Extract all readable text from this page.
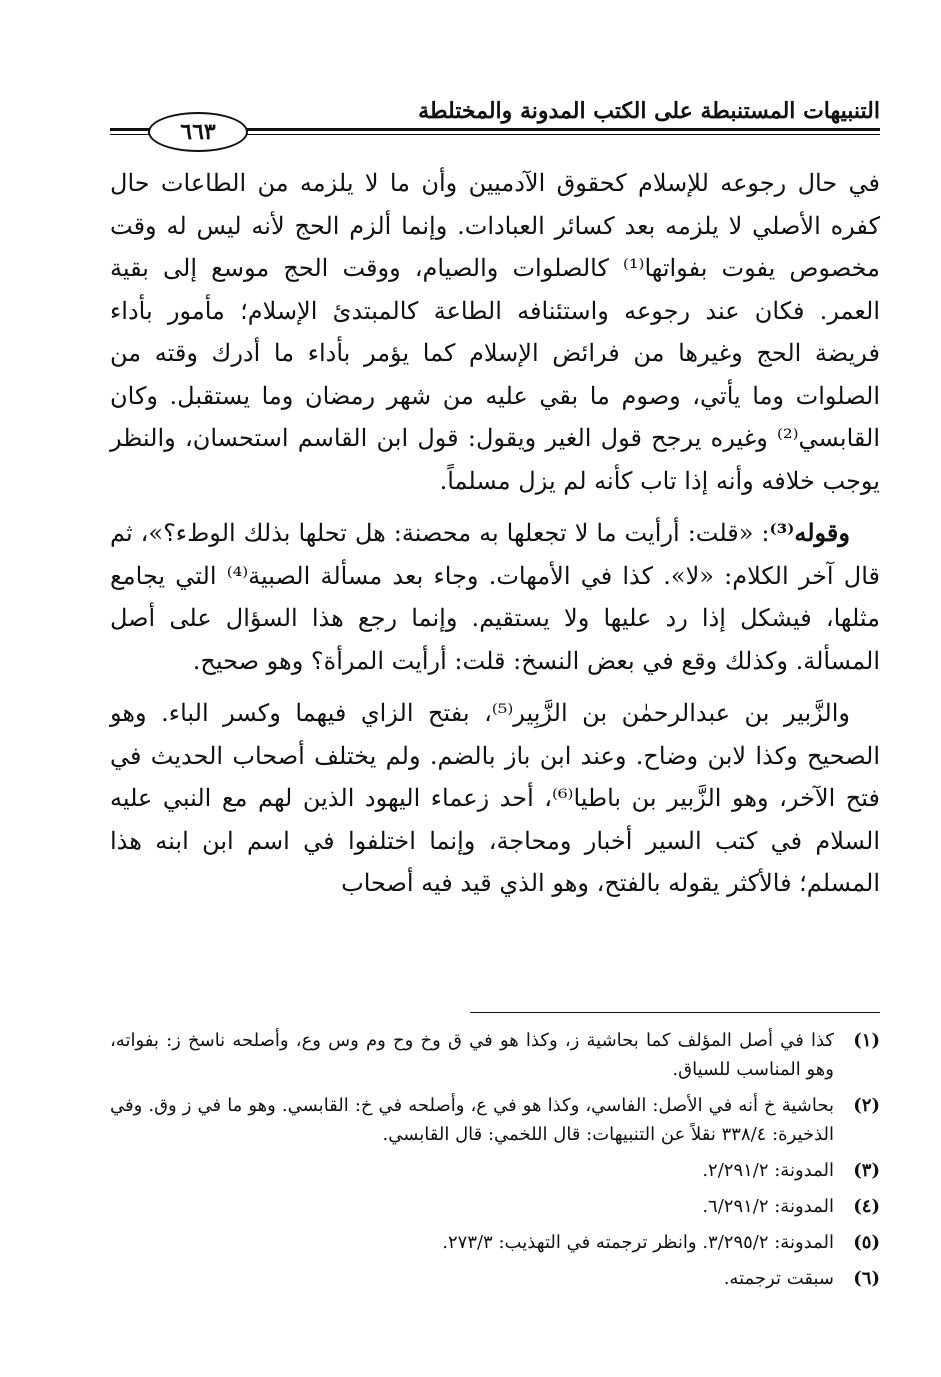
التنبيهات المستنبطة على الكتب المدونة والمختلطة
٦٦٣

في حال رجوعه للإسلام كحقوق الآدميين وأن ما لا يلزمه من الطاعات حال كفره الأصلي لا يلزمه بعد كسائر العبادات. وإنما ألزم الحج لأنه ليس له وقت مخصوص يفوت بفواتها⁽¹⁾ كالصلوات والصيام، ووقت الحج موسع إلى بقية العمر. فكان عند رجوعه واستئنافه الطاعة كالمبتدئ الإسلام؛ مأمور بأداء فريضة الحج وغيرها من فرائض الإسلام كما يؤمر بأداء ما أدرك وقته من الصلوات وما يأتي، وصوم ما بقي عليه من شهر رمضان وما يستقبل. وكان القابسي⁽²⁾ وغيره يرجح قول الغير ويقول: قول ابن القاسم استحسان، والنظر يوجب خلافه وأنه إذا تاب كأنه لم يزل مسلماً.

وقوله⁽³⁾: «قلت: أرأيت ما لا تجعلها به محصنة: هل تحلها بذلك الوطء؟»، ثم قال آخر الكلام: «لا». كذا في الأمهات. وجاء بعد مسألة الصبية⁽⁴⁾ التي يجامع مثلها، فيشكل إذا رد عليها ولا يستقيم. وإنما رجع هذا السؤال على أصل المسألة. وكذلك وقع في بعض النسخ: قلت: أرأيت المرأة؟ وهو صحيح.

والزَّبير بن عبدالرحمٰن بن الزَّبِير⁽⁵⁾، بفتح الزاي فيهما وكسر الباء. وهو الصحيح وكذا لابن وضاح. وعند ابن باز بالضم. ولم يختلف أصحاب الحديث في فتح الآخر، وهو الزَّبير بن باطيا⁽⁶⁾، أحد زعماء اليهود الذين لهم مع النبي عليه السلام في كتب السير أخبار ومحاجة، وإنما اختلفوا في اسم ابن ابنه هذا المسلم؛ فالأكثر يقوله بالفتح، وهو الذي قيد فيه أصحاب

(١)
كذا في أصل المؤلف كما بحاشية ز، وكذا هو في ق وخ وح وم وس وع، وأصلحه ناسخ ز: بفواته، وهو المناسب للسياق.
(٢)
بحاشية خ أنه في الأصل: الفاسي، وكذا هو في ع، وأصلحه في خ: القابسي. وهو ما في ز وق. وفي الذخيرة: ٣٣٨/٤ نقلاً عن التنبيهات: قال اللخمي: قال القابسي.
(٣)
المدونة: ٢/٢٩١/٢.
(٤)
المدونة: ٦/٢٩١/٢.
(٥)
المدونة: ٣/٢٩٥/٢. وانظر ترجمته في التهذيب: ٢٧٣/٣.
(٦)
سبقت ترجمته.
